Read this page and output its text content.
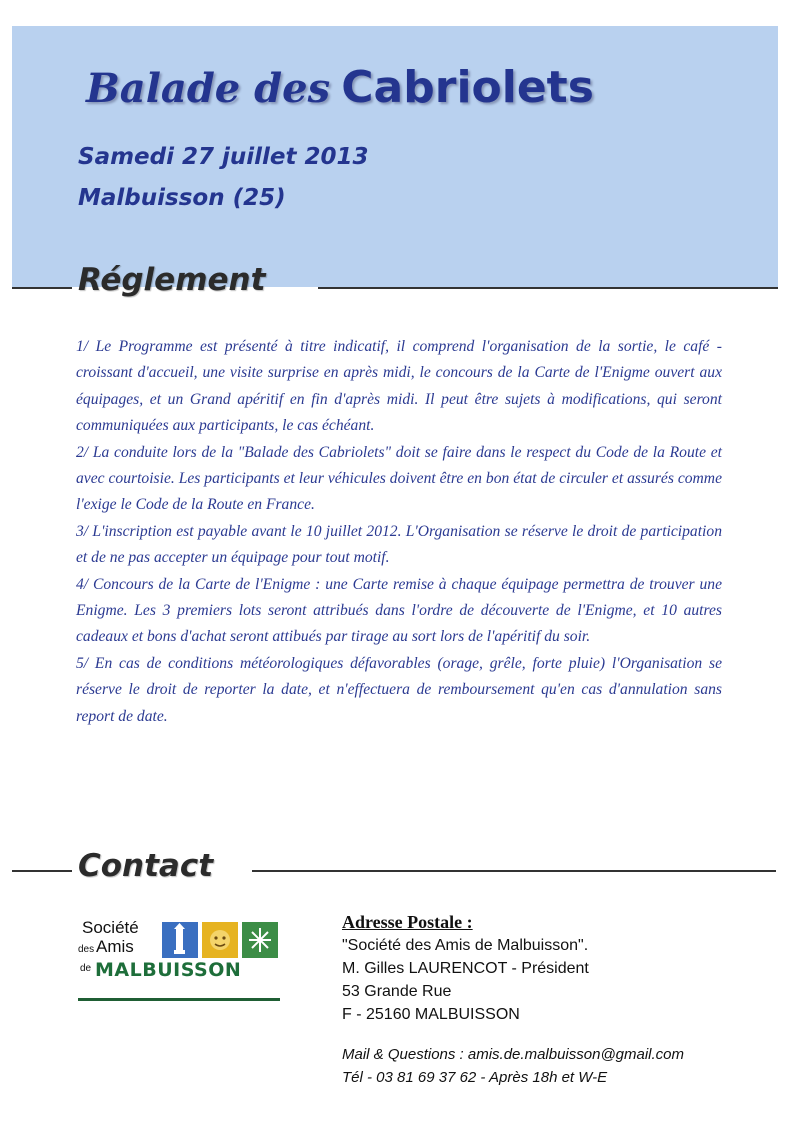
Balade des Cabriolets

Samedi 27 juillet 2013

Malbuisson (25)

Réglement

1/ Le Programme est présenté à titre indicatif, il comprend l'organisation de la sortie, le café - croissant d'accueil, une visite surprise en après midi, le concours de la Carte de l'Enigme ouvert aux équipages, et un Grand apéritif en fin d'après midi. Il peut être sujets à modifications, qui seront communiquées aux participants, le cas échéant.

2/ La conduite lors de la "Balade des Cabriolets" doit se faire dans le respect du Code de la Route et avec courtoisie. Les participants et leur véhicules doivent être en bon état de circuler et assurés comme l'exige le Code de la Route en France.

3/ L'inscription est payable avant le 10 juillet 2012. L'Organisation se réserve le droit de participation et de ne pas accepter un équipage pour tout motif.

4/ Concours de la Carte de l'Enigme : une Carte remise à chaque équipage permettra de trouver une Enigme. Les 3 premiers lots seront attribués dans l'ordre de découverte de l'Enigme, et 10 autres cadeaux et bons d'achat seront attibués par tirage au sort lors de l'apéritif du soir.

5/ En cas de conditions météorologiques défavorables (orage, grêle, forte pluie) l'Organisation se réserve le droit de reporter la date, et n'effectuera de remboursement qu'en cas d'annulation sans report de date.

Contact
Société
des Amis
de MALBUISSON
Adresse Postale :
"Société des Amis de Malbuisson".
M. Gilles LAURENCOT - Président
53 Grande Rue
F - 25160 MALBUISSON
Mail & Questions : amis.de.malbuisson@gmail.com
Tél - 03 81 69 37 62 - Après 18h et W-E
